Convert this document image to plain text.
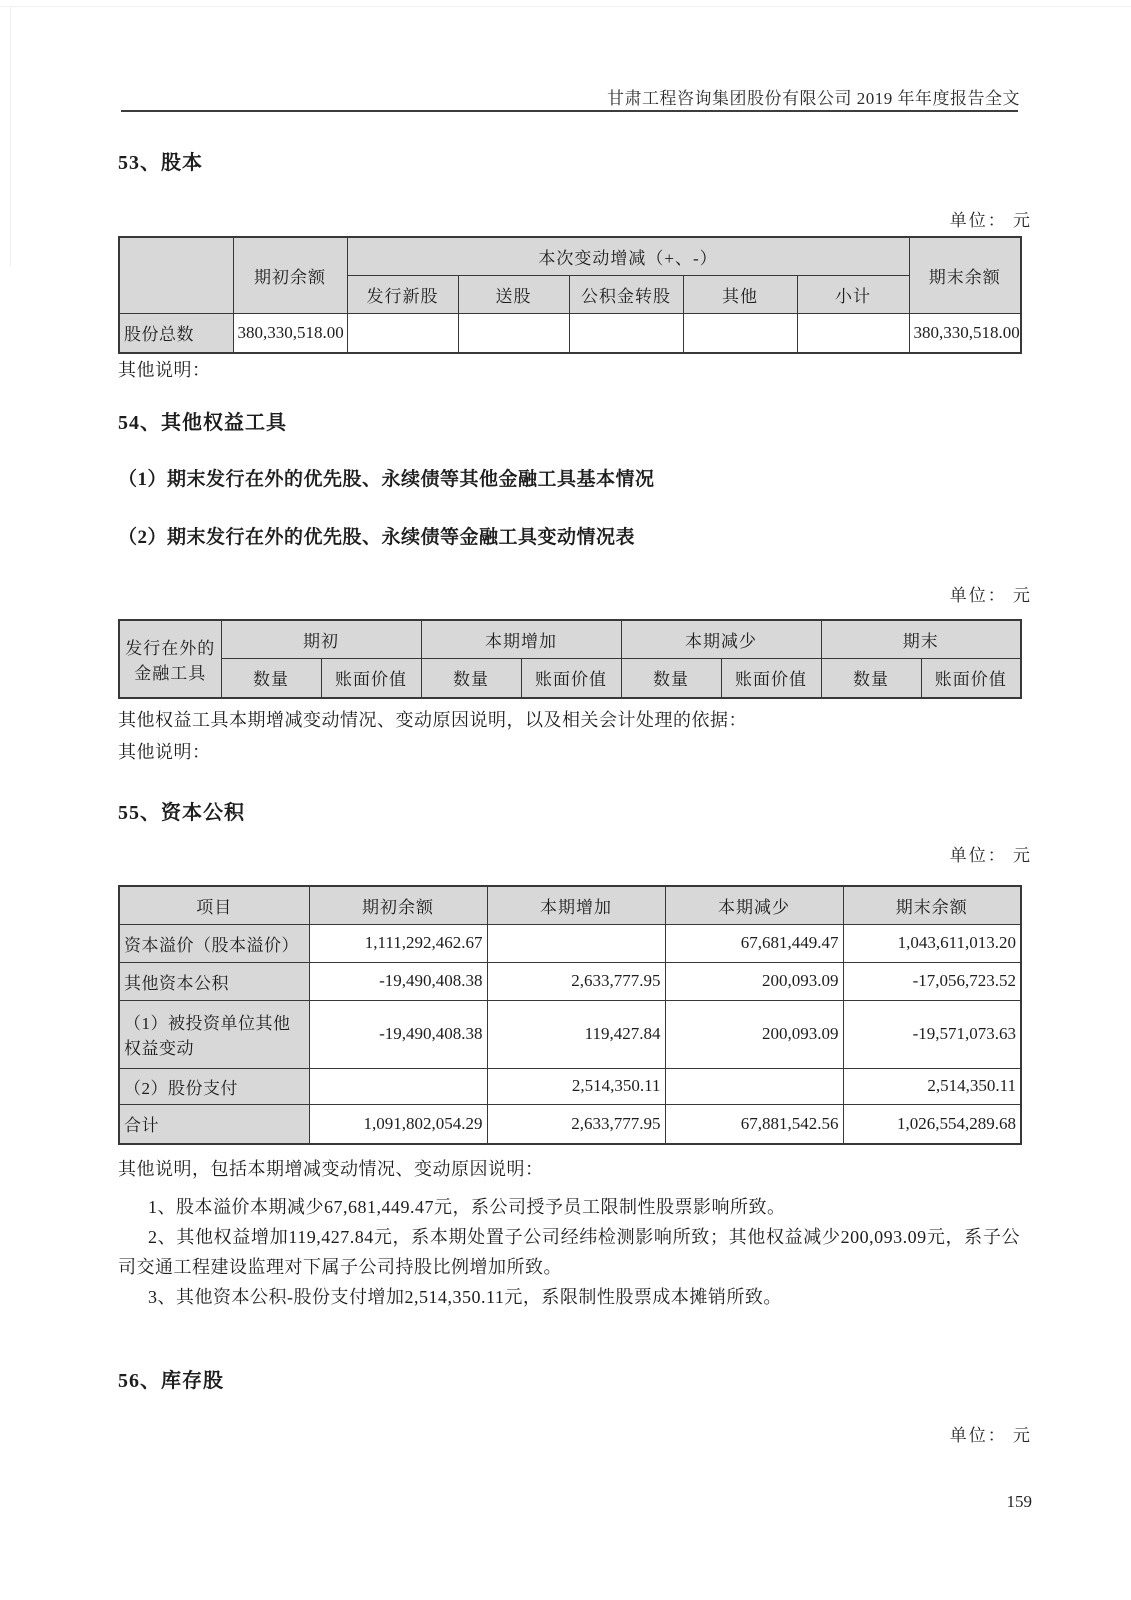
甘肃工程咨询集团股份有限公司 2019 年年度报告全文
53、股本
单位： 元
	期初余额	本次变动增减（+、-）					期末余额
		发行新股	送股	公积金转股	其他	小计	
股份总数	380,330,518.00						380,330,518.00
其他说明：
54、其他权益工具
（1）期末发行在外的优先股、永续债等其他金融工具基本情况
（2）期末发行在外的优先股、永续债等金融工具变动情况表
单位： 元
发行在外的金融工具	期初		本期增加		本期减少		期末	
	数量	账面价值	数量	账面价值	数量	账面价值	数量	账面价值
其他权益工具本期增减变动情况、变动原因说明，以及相关会计处理的依据：
其他说明：
55、资本公积
单位： 元
项目	期初余额	本期增加	本期减少	期末余额
资本溢价（股本溢价）	1,111,292,462.67		67,681,449.47	1,043,611,013.20
其他资本公积	-19,490,408.38	2,633,777.95	200,093.09	-17,056,723.52
（1）被投资单位其他权益变动	-19,490,408.38	119,427.84	200,093.09	-19,571,073.63
（2）股份支付		2,514,350.11		2,514,350.11
合计	1,091,802,054.29	2,633,777.95	67,881,542.56	1,026,554,289.68

其他说明，包括本期增减变动情况、变动原因说明：

1、股本溢价本期减少67,681,449.47元，系公司授予员工限制性股票影响所致。

2、其他权益增加119,427.84元，系本期处置子公司经纬检测影响所致；其他权益减少200,093.09元，系子公司交通工程建设监理对下属子公司持股比例增加所致。

3、其他资本公积-股份支付增加2,514,350.11元，系限制性股票成本摊销所致。

56、库存股
单位： 元
159
